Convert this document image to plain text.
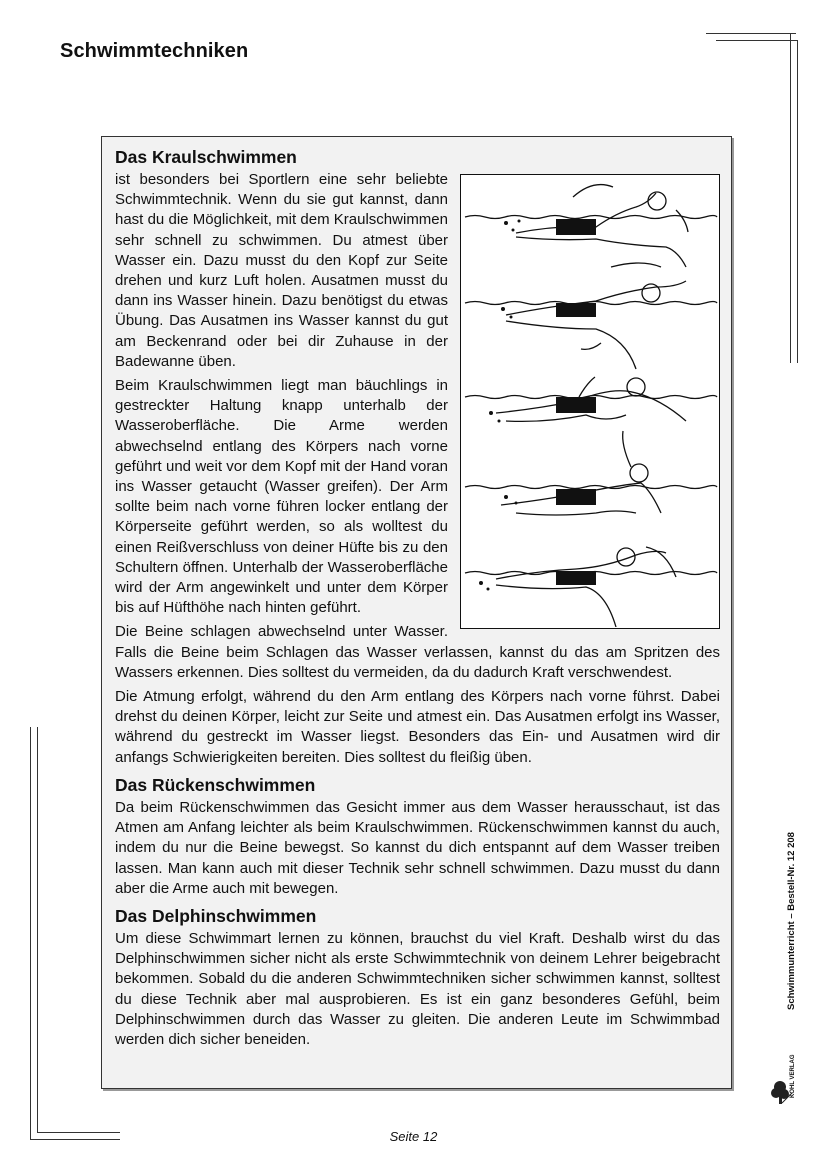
Schwimmtechniken
Das Kraulschwimmen

ist besonders bei Sportlern eine sehr beliebte Schwimmtechnik. Wenn du sie gut kannst, dann hast du die Möglichkeit, mit dem Kraulschwimmen sehr schnell zu schwimmen. Du atmest über Wasser ein. Dazu musst du den Kopf zur Seite drehen und kurz Luft holen. Ausatmen musst du dann ins Wasser hinein. Dazu benötigst du etwas Übung. Das Ausatmen ins Wasser kannst du gut am Beckenrand oder bei dir Zuhause in der Badewanne üben.

Beim Kraulschwimmen liegt man bäuchlings in gestreckter Haltung knapp unterhalb der Wasseroberfläche. Die Arme werden abwechselnd entlang des Körpers nach vorne geführt und weit vor dem Kopf mit der Hand voran ins Wasser getaucht (Wasser greifen). Der Arm sollte beim nach vorne führen locker entlang der Körperseite geführt werden, so als wolltest du einen Reißverschluss von deiner Hüfte bis zu den Schultern öffnen. Unterhalb der Wasseroberfläche wird der Arm angewinkelt und unter dem Körper bis auf Hüfthöhe nach hinten geführt.

Die Beine schlagen abwechselnd unter Wasser. Falls die Beine beim Schlagen das Wasser verlassen, kannst du das am Spritzen des Wassers erkennen. Dies solltest du vermeiden, da du dadurch Kraft verschwendest.

Die Atmung erfolgt, während du den Arm entlang des Körpers nach vorne führst. Dabei drehst du deinen Körper, leicht zur Seite und atmest ein. Das Ausatmen erfolgt ins Wasser, während du gestreckt im Wasser liegst. Besonders das Ein- und Ausatmen wird dir anfangs Schwierigkeiten bereiten. Dies solltest du fleißig üben.

Das Rückenschwimmen

Da beim Rückenschwimmen das Gesicht immer aus dem Wasser herausschaut, ist das Atmen am Anfang leichter als beim Kraulschwimmen. Rückenschwimmen kannst du auch, indem du nur die Beine bewegst. So kannst du dich entspannt auf dem Wasser treiben lassen. Man kann auch mit dieser Technik sehr schnell schwimmen. Dazu musst du dann aber die Arme auch mit bewegen.

Das Delphinschwimmen

Um diese Schwimmart lernen zu können, brauchst du viel Kraft. Deshalb wirst du das Delphinschwimmen sicher nicht als erste Schwimmtechnik von deinem Lehrer beigebracht bekommen. Sobald du die anderen Schwimmtechniken sicher schwimmen kannst, solltest du diese Technik aber mal ausprobieren. Es ist ein ganz besonderes Gefühl, beim Delphinschwimmen durch das Wasser zu gleiten. Die anderen Leute im Schwimmbad werden dich sicher beneiden.

Schwimmunterricht – Bestell-Nr. 12 208
KOHL VERLAG
Seite 12
